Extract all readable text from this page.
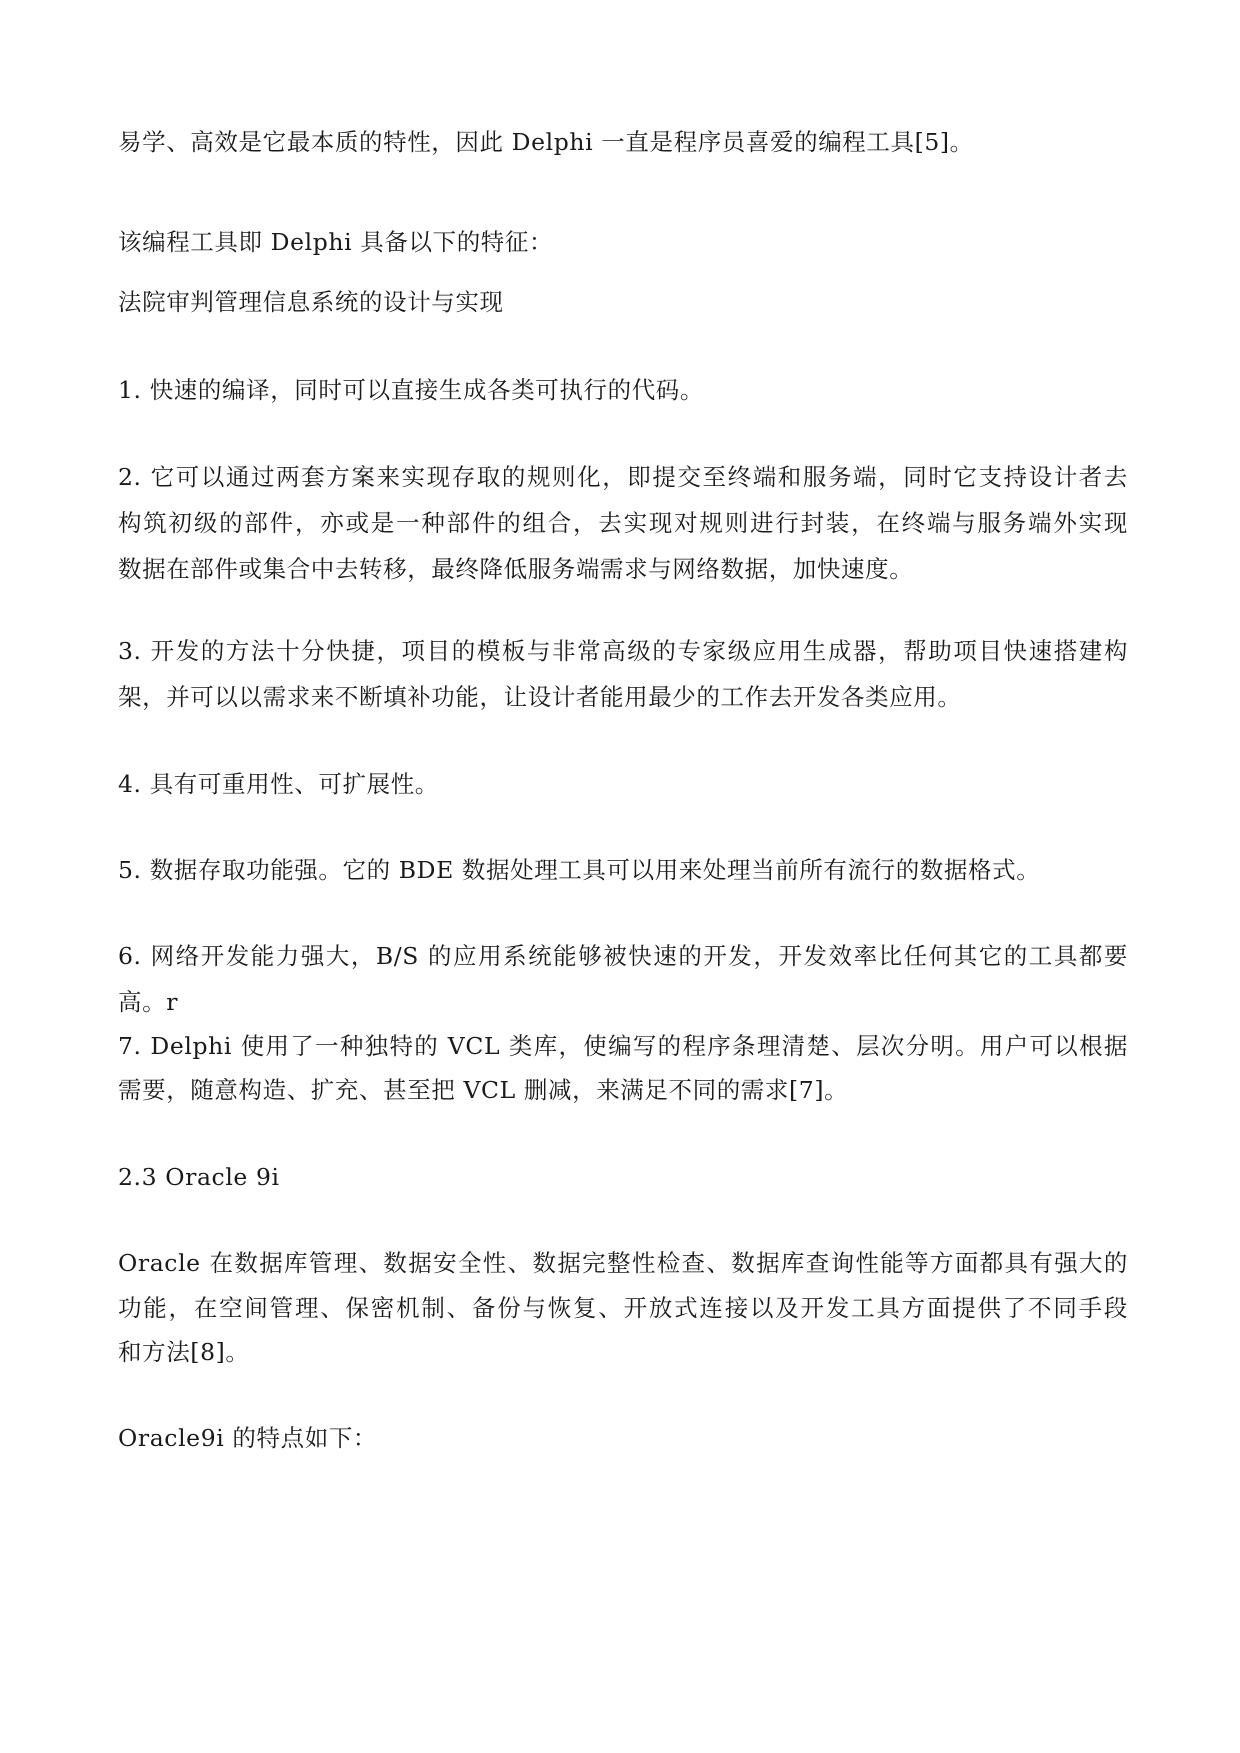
易学、高效是它最本质的特性，因此 Delphi 一直是程序员喜爱的编程工具[5]。
该编程工具即 Delphi 具备以下的特征：
法院审判管理信息系统的设计与实现
1. 快速的编译，同时可以直接生成各类可执行的代码。
2. 它可以通过两套方案来实现存取的规则化，即提交至终端和服务端，同时它支持设计者去
构筑初级的部件，亦或是一种部件的组合，去实现对规则进行封装，在终端与服务端外实现
数据在部件或集合中去转移，最终降低服务端需求与网络数据，加快速度。
3. 开发的方法十分快捷，项目的模板与非常高级的专家级应用生成器，帮助项目快速搭建构
架，并可以以需求来不断填补功能，让设计者能用最少的工作去开发各类应用。
4. 具有可重用性、可扩展性。
5. 数据存取功能强。它的 BDE 数据处理工具可以用来处理当前所有流行的数据格式。
6. 网络开发能力强大，B/S 的应用系统能够被快速的开发，开发效率比任何其它的工具都要
高。r
7. Delphi 使用了一种独特的 VCL 类库，使编写的程序条理清楚、层次分明。用户可以根据
需要，随意构造、扩充、甚至把 VCL 删减，来满足不同的需求[7]。
2.3 Oracle 9i
Oracle 在数据库管理、数据安全性、数据完整性检查、数据库查询性能等方面都具有强大的
功能，在空间管理、保密机制、备份与恢复、开放式连接以及开发工具方面提供了不同手段
和方法[8]。
Oracle9i 的特点如下：
